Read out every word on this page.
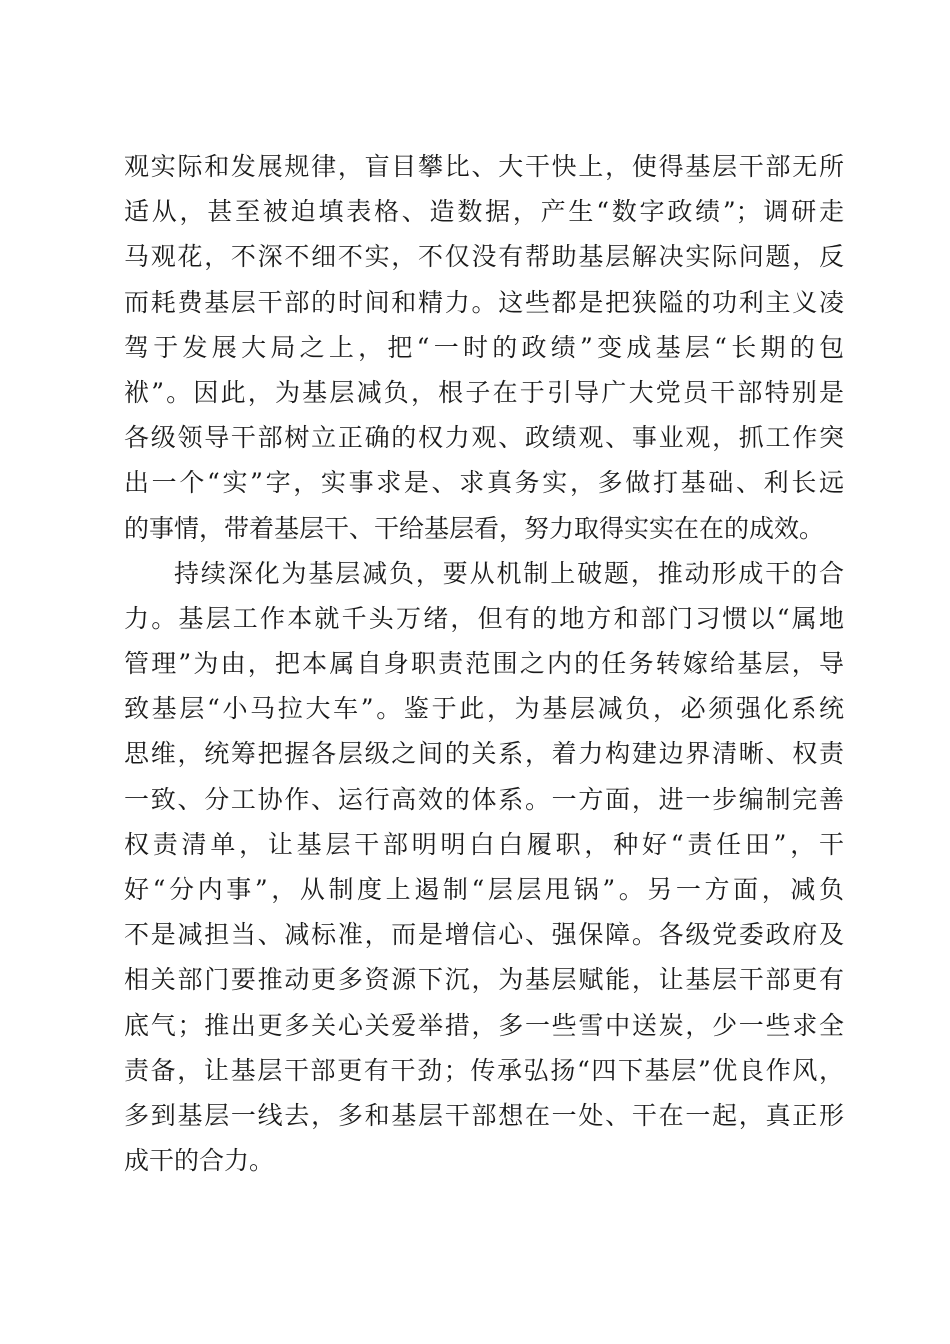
观实际和发展规律，盲目攀比、大干快上，使得基层干部无所
适从，甚至被迫填表格、造数据，产生“数字政绩”；调研走
马观花，不深不细不实，不仅没有帮助基层解决实际问题，反
而耗费基层干部的时间和精力。这些都是把狭隘的功利主义凌
驾于发展大局之上，把“一时的政绩”变成基层“长期的包
袱”。因此，为基层减负，根子在于引导广大党员干部特别是
各级领导干部树立正确的权力观、政绩观、事业观，抓工作突
出一个“实”字，实事求是、求真务实，多做打基础、利长远
的事情，带着基层干、干给基层看，努力取得实实在在的成效。
持续深化为基层减负，要从机制上破题，推动形成干的合
力。基层工作本就千头万绪，但有的地方和部门习惯以“属地
管理”为由，把本属自身职责范围之内的任务转嫁给基层，导
致基层“小马拉大车”。鉴于此，为基层减负，必须强化系统
思维，统筹把握各层级之间的关系，着力构建边界清晰、权责
一致、分工协作、运行高效的体系。一方面，进一步编制完善
权责清单，让基层干部明明白白履职，种好“责任田”，干
好“分内事”，从制度上遏制“层层甩锅”。另一方面，减负
不是减担当、减标准，而是增信心、强保障。各级党委政府及
相关部门要推动更多资源下沉，为基层赋能，让基层干部更有
底气；推出更多关心关爱举措，多一些雪中送炭，少一些求全
责备，让基层干部更有干劲；传承弘扬“四下基层”优良作风，
多到基层一线去，多和基层干部想在一处、干在一起，真正形
成干的合力。
